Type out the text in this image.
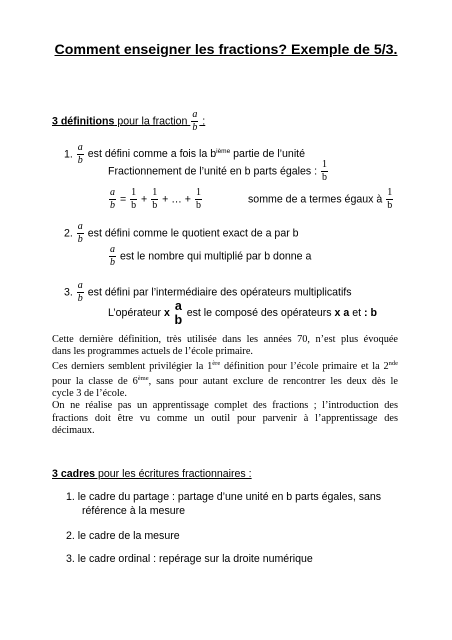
Comment enseigner les fractions? Exemple de 5/3.
3 définitions pour la fraction $\frac{a}{b}$ :
1. $\frac{a}{b}$ est défini comme a fois la $b^{ième}$ partie de l’unité
Fractionnement de l’unité en b parts égales : $\frac{1}{b}$
$\frac{a}{b} = \frac{1}{b} + \frac{1}{b}$ + … + $\frac{1}{b}$	somme de a termes égaux à $\frac{1}{b}$
2. $\frac{a}{b}$ est défini comme le quotient exact de a par b
$\frac{a}{b}$ est le nombre qui multiplié par b donne a
3. $\frac{a}{b}$ est défini par l’intermédiaire des opérateurs multiplicatifs
L’opérateur x a
b est le composé des opérateurs x a et : b

Cette dernière définition, très utilisée dans les années 70, n’est plus évoquée

dans les programmes actuels de l’école primaire.

Ces derniers semblent privilégier la 1ère définition pour l’école primaire et la 2nde

pour la classe de 6ème, sans pour autant exclure de rencontrer les deux dès le

cycle 3 de l’école.

On ne réalise pas un apprentissage complet des fractions ; l’introduction des

fractions doit être vu comme un outil pour parvenir à l’apprentissage des

décimaux.

3 cadres pour les écritures fractionnaires :
1. le cadre du partage : partage d’une unité en b parts égales, sans
référence à la mesure
2. le cadre de la mesure
3. le cadre ordinal : repérage sur la droite numérique
